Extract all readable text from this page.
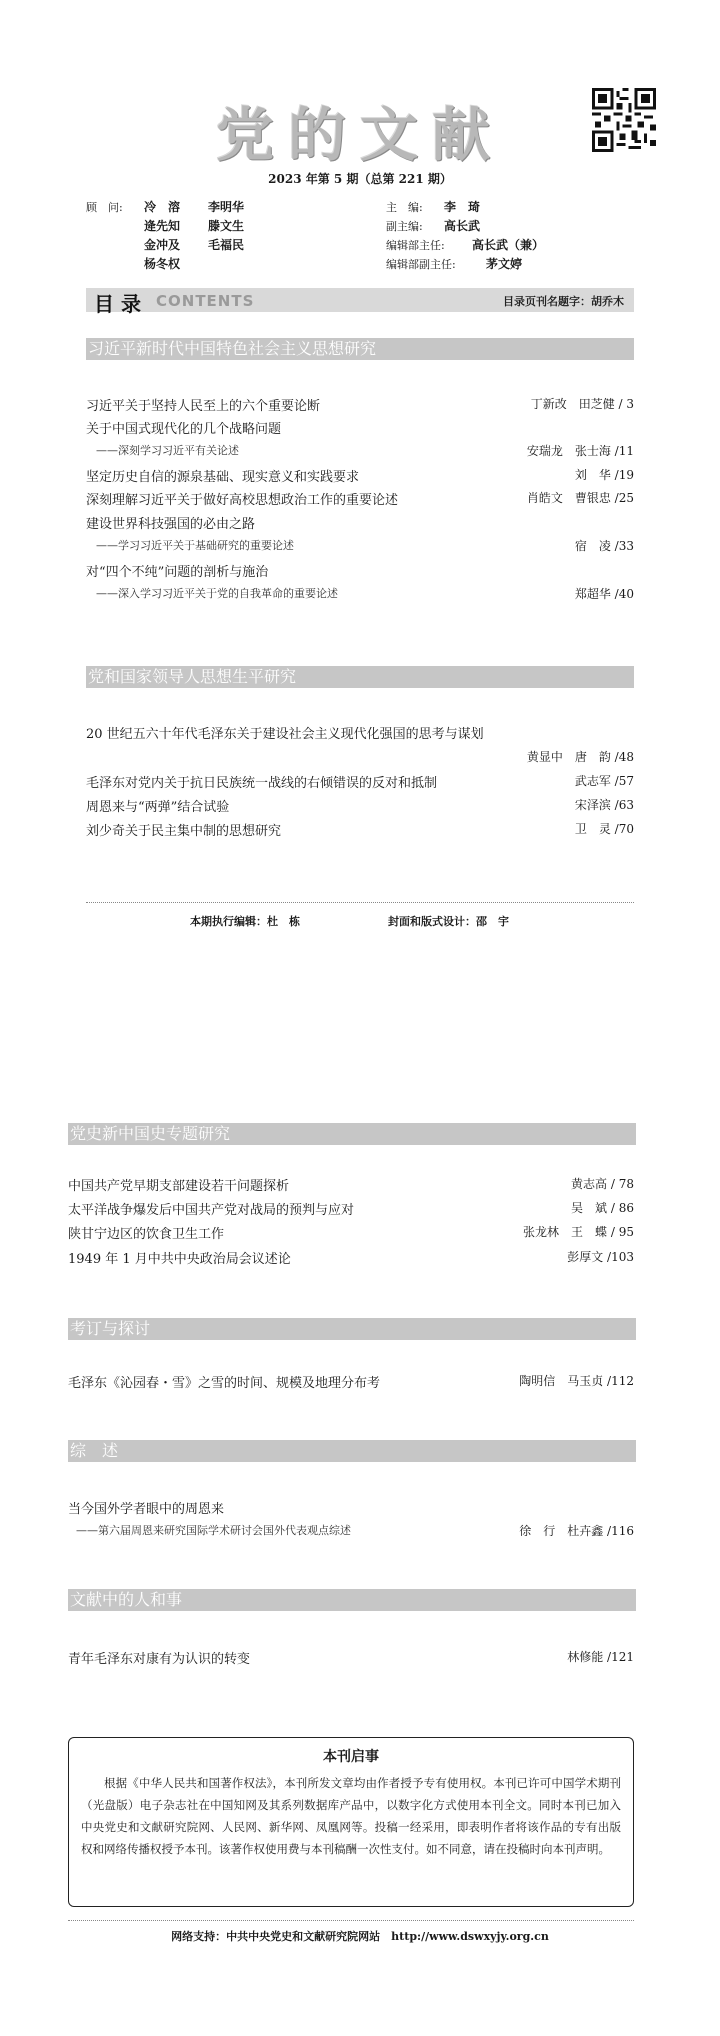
党的文献
2023 年第 5 期（总第 221 期）
顾　问:	冷　溶	李明华
逄先知	滕文生
金冲及	毛福民
杨冬权
主　编:	李　琦
副主编:	高长武
编辑部主任:	高长武（兼）
编辑部副主任:	茅文婷
目 录 CONTENTS	目录页刊名题字：胡乔木
习近平新时代中国特色社会主义思想研究
习近平关于坚持人民至上的六个重要论断	丁新改　田芝健 / 3
关于中国式现代化的几个战略问题
——深刻学习习近平有关论述	安瑞龙　张士海 /11
坚定历史自信的源泉基础、现实意义和实践要求	刘　华 /19
深刻理解习近平关于做好高校思想政治工作的重要论述	肖皓文　曹银忠 /25
建设世界科技强国的必由之路
——学习习近平关于基础研究的重要论述	宿　凌 /33
对“四个不纯”问题的剖析与施治
——深入学习习近平关于党的自我革命的重要论述	郑超华 /40
党和国家领导人思想生平研究
20 世纪五六十年代毛泽东关于建设社会主义现代化强国的思考与谋划
黄显中　唐　韵 /48
毛泽东对党内关于抗日民族统一战线的右倾错误的反对和抵制	武志军 /57
周恩来与“两弹”结合试验	宋泽滨 /63
刘少奇关于民主集中制的思想研究	卫　灵 /70
本期执行编辑：杜　栋	封面和版式设计：邵　宇
党史新中国史专题研究
中国共产党早期支部建设若干问题探析	黄志高 / 78
太平洋战争爆发后中国共产党对战局的预判与应对	吴　斌 / 86
陕甘宁边区的饮食卫生工作	张龙林　王　蝶 / 95
1949 年 1 月中共中央政治局会议述论	彭厚文 /103
考订与探讨
毛泽东《沁园春・雪》之雪的时间、规模及地理分布考	陶明信　马玉贞 /112
综　述
当今国外学者眼中的周恩来
——第六届周恩来研究国际学术研讨会国外代表观点综述	徐　行　杜卉鑫 /116
文献中的人和事
青年毛泽东对康有为认识的转变	林修能 /121
本刊启事
根据《中华人民共和国著作权法》，本刊所发文章均由作者授予专有使用权。本刊已许可中国学术期刊（光盘版）电子杂志社在中国知网及其系列数据库产品中，以数字化方式使用本刊全文。同时本刊已加入中央党史和文献研究院网、人民网、新华网、凤凰网等。投稿一经采用，即表明作者将该作品的专有出版权和网络传播权授予本刊。该著作权使用费与本刊稿酬一次性支付。如不同意，请在投稿时向本刊声明。
网络支持：中共中央党史和文献研究院网站　http://www.dswxyjy.org.cn
